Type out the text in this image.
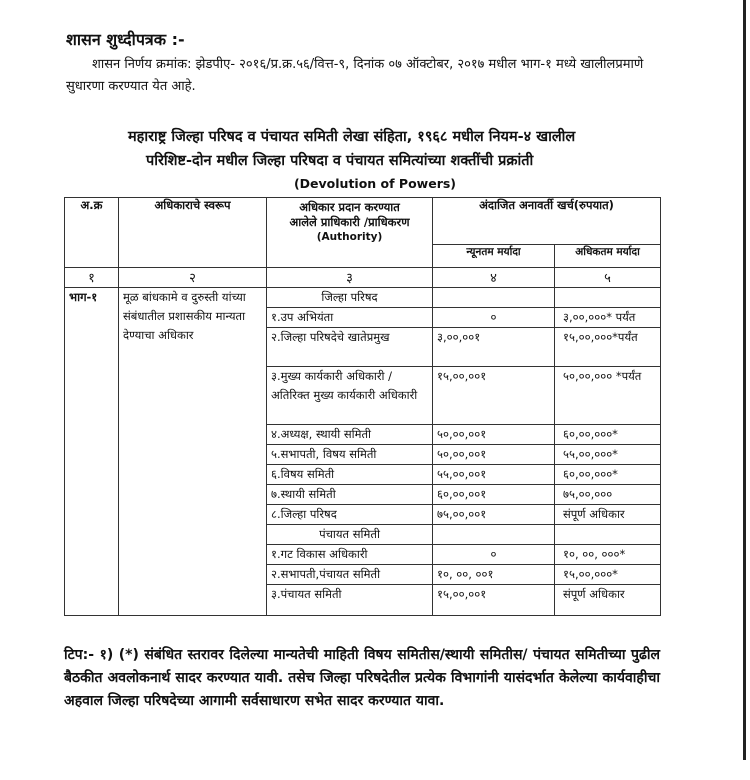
शासन शुध्दीपत्रक :-
शासन निर्णय क्रमांक: झेडपीए- २०१६/प्र.क्र.५६/वित्त-९, दिनांक ०७ ऑक्टोबर, २०१७ मधील भाग-१ मध्ये खालीलप्रमाणे सुधारणा करण्यात येत आहे.
महाराष्ट्र जिल्हा परिषद व पंचायत समिती लेखा संहिता, १९६८ मधील नियम-४ खालील
परिशिष्ट-दोन मधील जिल्हा परिषदा व पंचायत समित्यांच्या शक्तींची प्रक्रांती
(Devolution of Powers)
अ.क्र	अधिकाराचे स्वरूप	अधिकार प्रदान करण्यात
आलेले प्राधिकारी /प्राधिकरण
(Authority)	अंदाजित अनावर्ती खर्च(रुपयात)	
			न्यूनतम मर्यादा	अधिकतम मर्यादा
१	२	३	४	५
भाग-१	मूळ बांधकामे व दुरुस्ती यांच्या संबंधातील प्रशासकीय मान्यता देण्याचा अधिकार	जिल्हा परिषद		
		१.उप अभियंता	०	३,००,०००* पर्यंत
		२.जिल्हा परिषदेचे खातेप्रमुख	३,००,००१	१५,००,०००*पर्यंत
		३.मुख्य कार्यकारी अधिकारी /अतिरिक्त मुख्य कार्यकारी अधिकारी	१५,००,००१	५०,००,००० *पर्यंत
		४.अध्यक्ष, स्थायी समिती	५०,००,००१	६०,००,०००*
		५.सभापती, विषय समिती	५०,००,००१	५५,००,०००*
		६.विषय समिती	५५,००,००१	६०,००,०००*
		७.स्थायी समिती	६०,००,००१	७५,००,०००
		८.जिल्हा परिषद	७५,००,००१	संपूर्ण अधिकार
		पंचायत समिती		
		१.गट विकास अधिकारी	०	१०, ००, ०००*
		२.सभापती,पंचायत समिती	१०, ००, ००१	१५,००,०००*
		३.पंचायत समिती	१५,००,००१	संपूर्ण अधिकार
टिप:- १) (*) संबंधित स्तरावर दिलेल्या मान्यतेची माहिती विषय समितीस/स्थायी समितीस/ पंचायत समितीच्या पुढील बैठकीत अवलोकनार्थ सादर करण्यात यावी. तसेच जिल्हा परिषदेतील प्रत्येक विभागांनी यासंदर्भात केलेल्या कार्यवाहीचा अहवाल जिल्हा परिषदेच्या आगामी सर्वसाधारण सभेत सादर करण्यात यावा.
